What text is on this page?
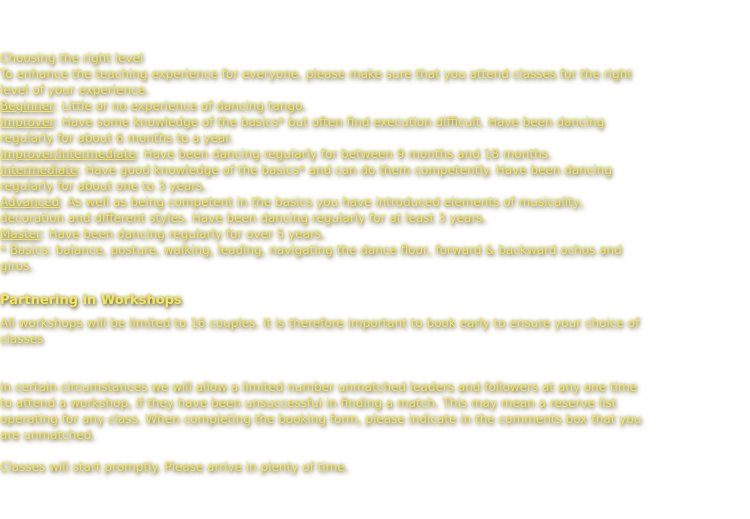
Choosing the right level
To enhance the teaching experience for everyone, please make sure that you attend classes for the right
level of your experience.
Beginner: Little or no experience of dancing tango.
Improver: Have some knowledge of the basics* but often find execution difficult. Have been dancing
regularly for about 6 months to a year.
Improver/Intermediate: Have been dancing regularly for between 9 months and 18 months.
Intermediate: Have good knowledge of the basics* and can do them competently. Have been dancing
regularly for about one to 3 years.
Advanced: As well as being competent in the basics you have introduced elements of musicality,
decoration and different styles. Have been dancing regularly for at least 3 years.
Master: Have been dancing regularly for over 5 years.
* Basics: balance, posture, walking, leading, navigating the dance floor, forward & backward ochos and
giros.
Partnering in Workshops
All workshops will be limited to 16 couples. It is therefore important to book early to ensure your choice of
classes
In certain circumstances we will allow a limited number unmatched leaders and followers at any one time
to attend a workshop, if they have been unsuccessful in finding a match. This may mean a reserve list
operating for any class. When completing the booking form, please indicate in the comments box that you
are unmatched.
Classes will start promptly. Please arrive in plenty of time.
